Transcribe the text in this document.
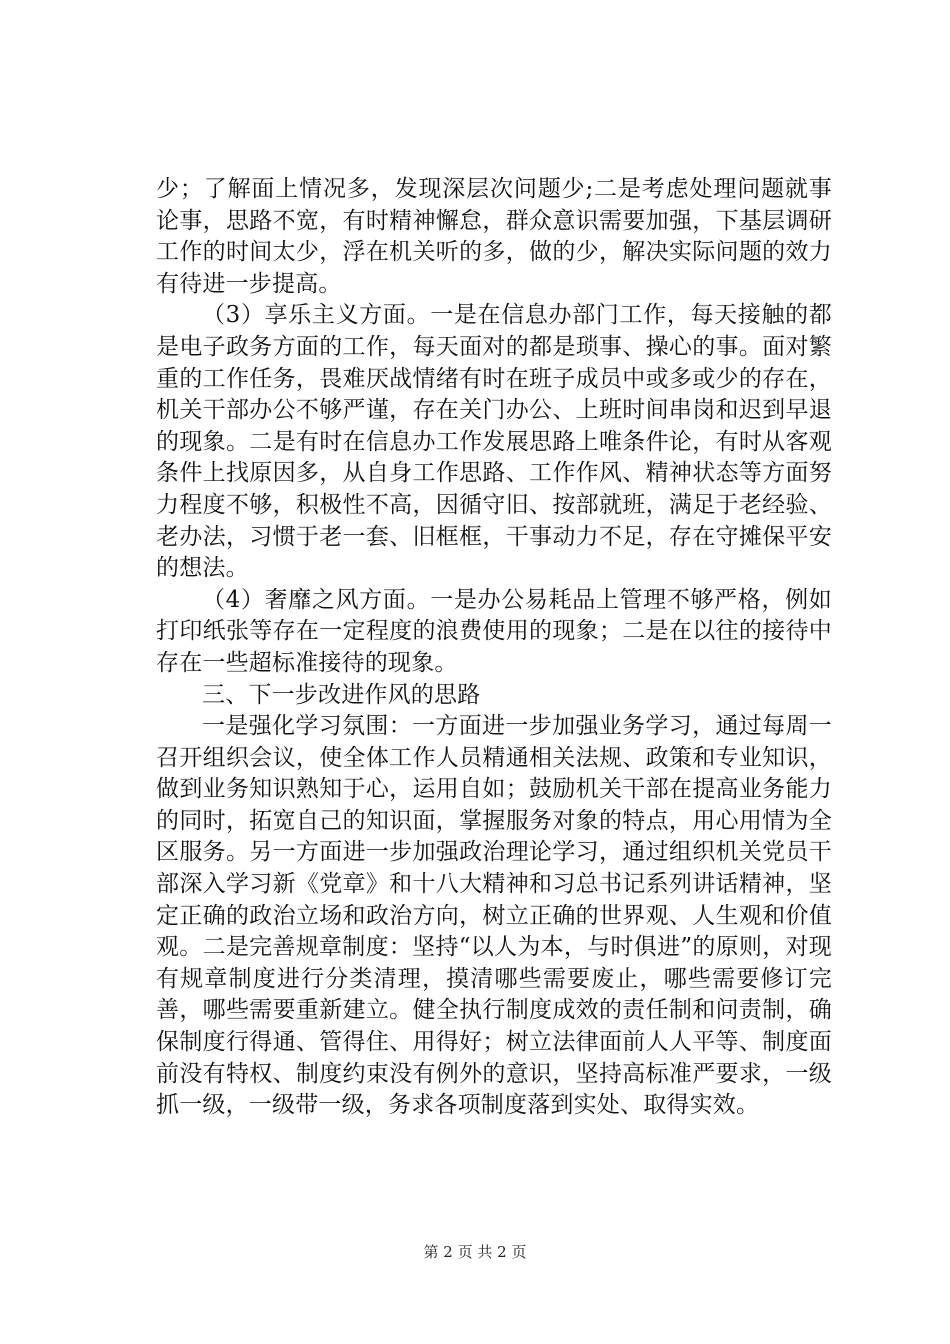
少；了解面上情况多，发现深层次问题少;二是考虑处理问题就事论事，思路不宽，有时精神懈怠，群众意识需要加强，下基层调研工作的时间太少，浮在机关听的多，做的少，解决实际问题的效力有待进一步提高。

（3）享乐主义方面。一是在信息办部门工作，每天接触的都是电子政务方面的工作，每天面对的都是琐事、操心的事。面对繁重的工作任务，畏难厌战情绪有时在班子成员中或多或少的存在，机关干部办公不够严谨，存在关门办公、上班时间串岗和迟到早退的现象。二是有时在信息办工作发展思路上唯条件论，有时从客观条件上找原因多，从自身工作思路、工作作风、精神状态等方面努力程度不够，积极性不高，因循守旧、按部就班，满足于老经验、老办法，习惯于老一套、旧框框，干事动力不足，存在守摊保平安的想法。

（4）奢靡之风方面。一是办公易耗品上管理不够严格，例如打印纸张等存在一定程度的浪费使用的现象；二是在以往的接待中存在一些超标准接待的现象。

三、下一步改进作风的思路

一是强化学习氛围：一方面进一步加强业务学习，通过每周一召开组织会议，使全体工作人员精通相关法规、政策和专业知识，做到业务知识熟知于心，运用自如；鼓励机关干部在提高业务能力的同时，拓宽自己的知识面，掌握服务对象的特点，用心用情为全区服务。另一方面进一步加强政治理论学习，通过组织机关党员干部深入学习新《党章》和十八大精神和习总书记系列讲话精神，坚定正确的政治立场和政治方向，树立正确的世界观、人生观和价值观。二是完善规章制度：坚持“以人为本，与时俱进”的原则，对现有规章制度进行分类清理，摸清哪些需要废止，哪些需要修订完善，哪些需要重新建立。健全执行制度成效的责任制和问责制，确保制度行得通、管得住、用得好；树立法律面前人人平等、制度面前没有特权、制度约束没有例外的意识，坚持高标准严要求，一级抓一级，一级带一级，务求各项制度落到实处、取得实效。

第 2 页 共 2 页
